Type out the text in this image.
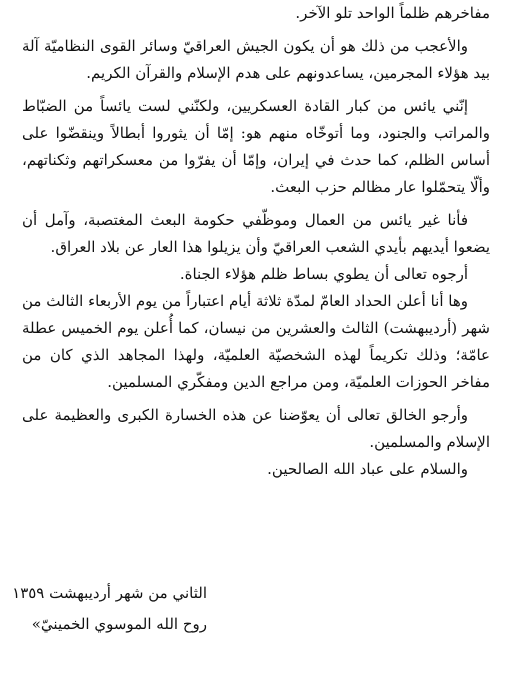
مفاخرهم ظلماً الواحد تلو الآخر.

والأعجب من ذلك هو أن يكون الجيش العراقيّ وسائر القوى النظاميّة آلة بيد هؤلاء المجرمين، يساعدونهم على هدم الإسلام والقرآن الكريم.

إنّني يائس من كبار القادة العسكريين، ولكنّني لست يائساً من الضبّاط والمراتب والجنود، وما أتوخّاه منهم هو: إمّا أن يثوروا أبطالاً وينقضّوا على أساس الظلم، كما حدث في إيران، وإمّا أن يفرّوا من معسكراتهم وثكناتهم، وألّا يتحمّلوا عار مظالم حزب البعث.

فأنا غير يائس من العمال وموظّفي حكومة البعث المغتصبة، وآمل أن يضعوا أيديهم بأيدي الشعب العراقيّ وأن يزيلوا هذا العار عن بلاد العراق.

أرجوه تعالى أن يطوي بساط ظلم هؤلاء الجناة.

وها أنا أعلن الحداد العامّ لمدّة ثلاثة أيام اعتباراً من يوم الأربعاء الثالث من شهر (أرديبهشت) الثالث والعشرين من نيسان، كما أُعلن يوم الخميس عطلة عامّة؛ وذلك تكريماً لهذه الشخصيّة العلميّة، ولهذا المجاهد الذي كان من مفاخر الحوزات العلميّة، ومن مراجع الدين ومفكّري المسلمين.

وأرجو الخالق تعالى أن يعوّضنا عن هذه الخسارة الكبرى والعظيمة على الإسلام والمسلمين.

والسلام على عباد الله الصالحين.

الثاني من شهر أرديبهشت ١٣٥٩

روح الله الموسوي الخمينيّ»
